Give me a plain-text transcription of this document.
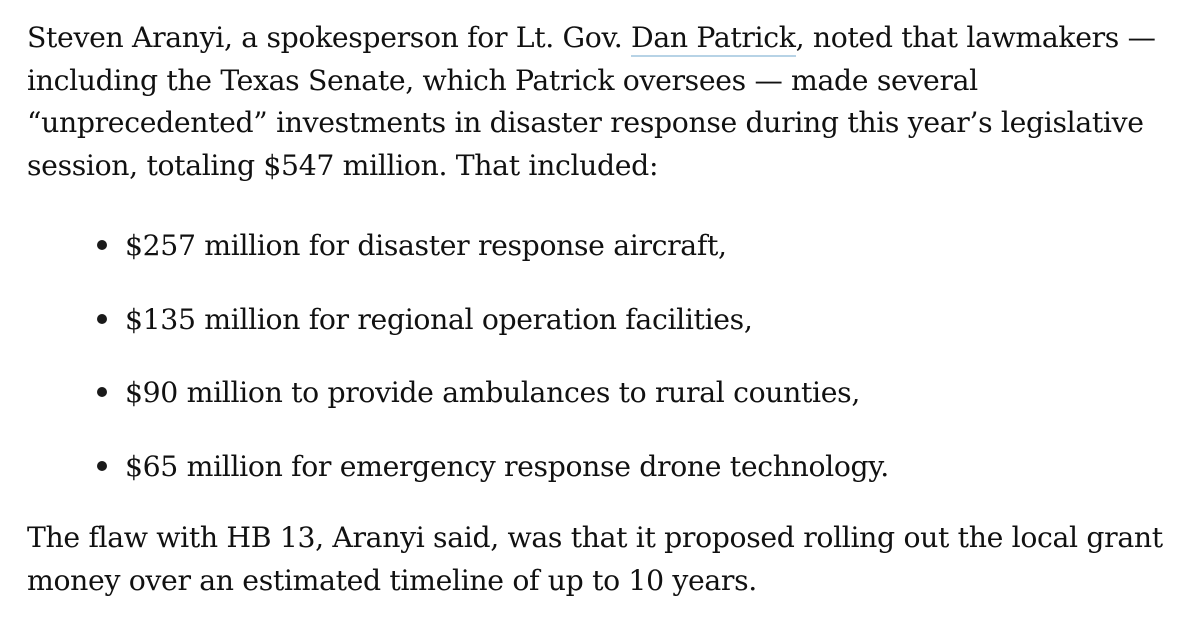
Steven Aranyi, a spokesperson for Lt. Gov. Dan Patrick, noted that lawmakers — including the Texas Senate, which Patrick oversees — made several “unprecedented” investments in disaster response during this year’s legislative session, totaling $547 million. That included:

$257 million for disaster response aircraft,
$135 million for regional operation facilities,
$90 million to provide ambulances to rural counties,
$65 million for emergency response drone technology.

The flaw with HB 13, Aranyi said, was that it proposed rolling out the local grant money over an estimated timeline of up to 10 years.
